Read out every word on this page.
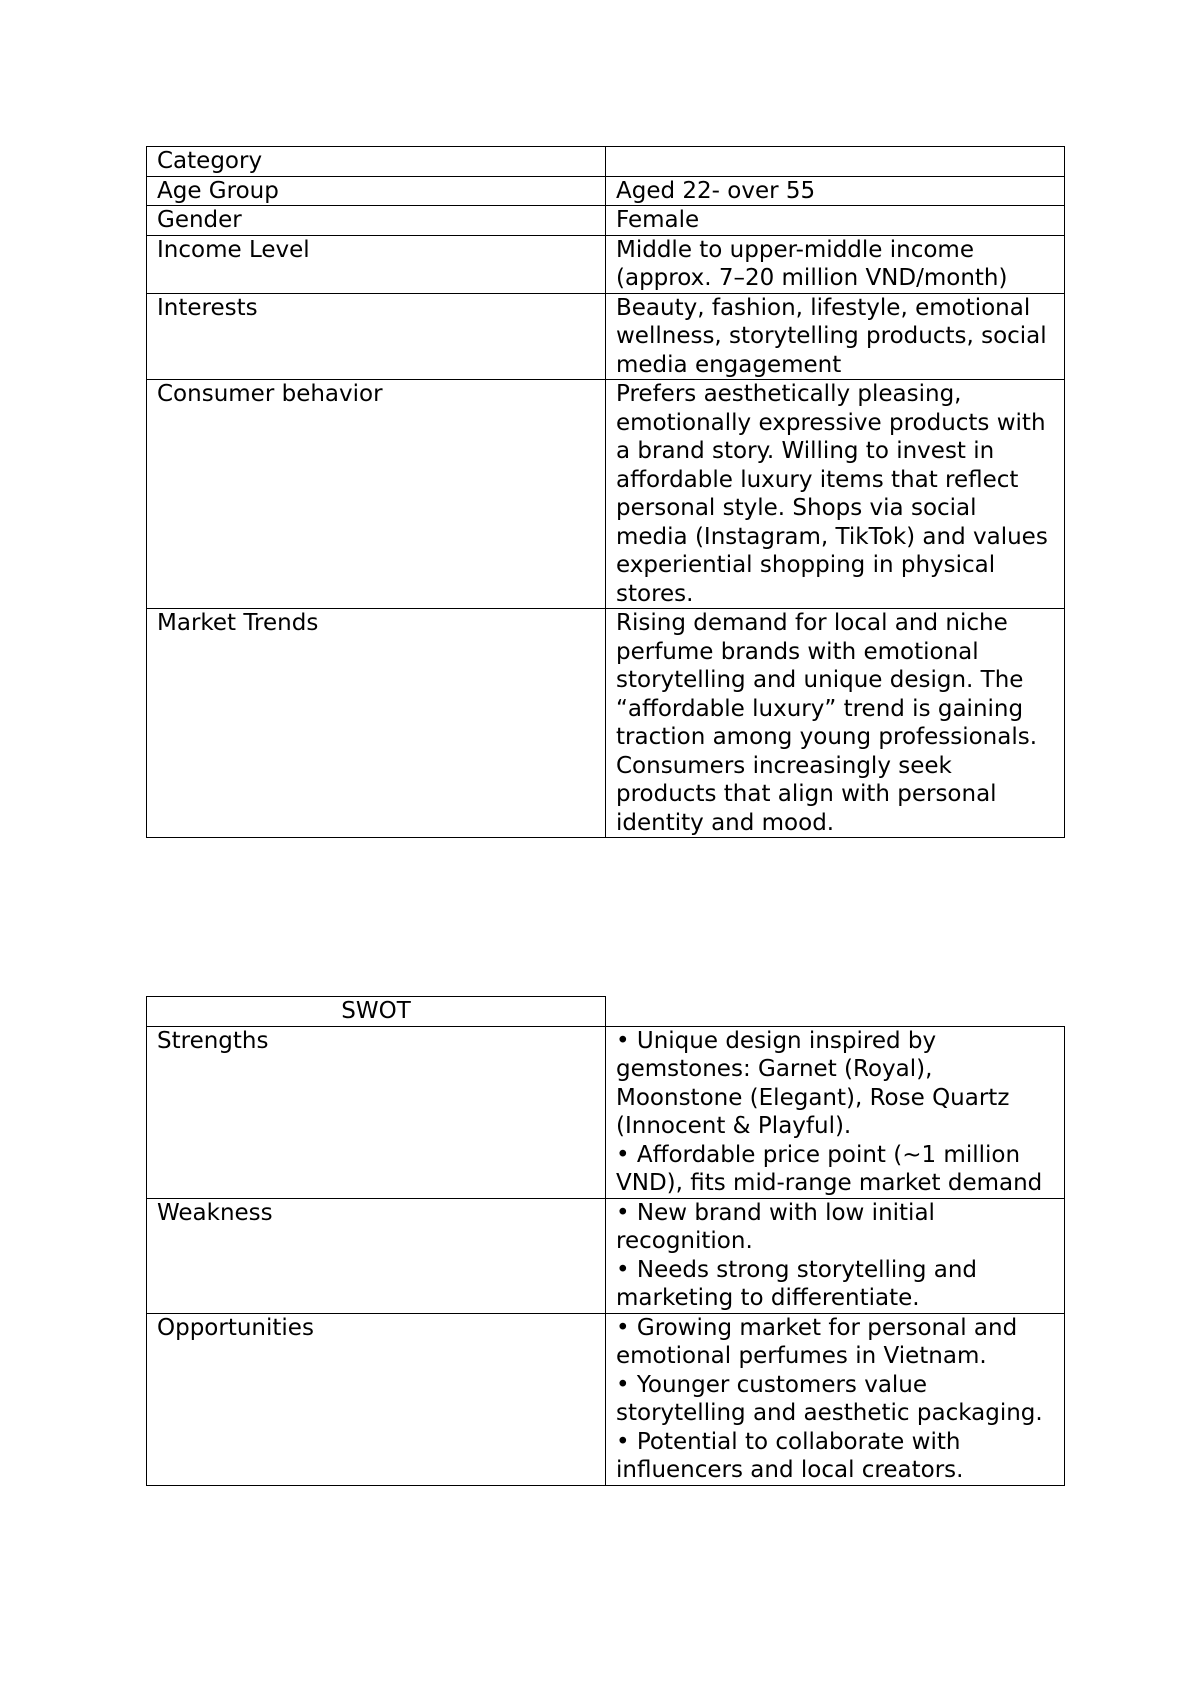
Category	
Age Group	Aged 22- over 55
Gender	Female
Income Level	Middle to upper-middle income (approx. 7–20 million VND/month)
Interests	Beauty, fashion, lifestyle, emotional wellness, storytelling products, social media engagement
Consumer behavior	Prefers aesthetically pleasing, emotionally expressive products with a brand story. Willing to invest in affordable luxury items that reflect personal style. Shops via social media (Instagram, TikTok) and values experiential shopping in physical stores.
Market Trends	Rising demand for local and niche perfume brands with emotional storytelling and unique design. The “affordable luxury” trend is gaining traction among young professionals. Consumers increasingly seek products that align with personal identity and mood.
SWOT	
Strengths	• Unique design inspired by gemstones: Garnet (Royal), Moonstone (Elegant), Rose Quartz (Innocent & Playful).
• Affordable price point (~1 million VND), fits mid-range market demand

Weakness	• New brand with low initial recognition.
• Needs strong storytelling and marketing to differentiate.

Opportunities	• Growing market for personal and emotional perfumes in Vietnam.
• Younger customers value storytelling and aesthetic packaging.
• Potential to collaborate with influencers and local creators.
